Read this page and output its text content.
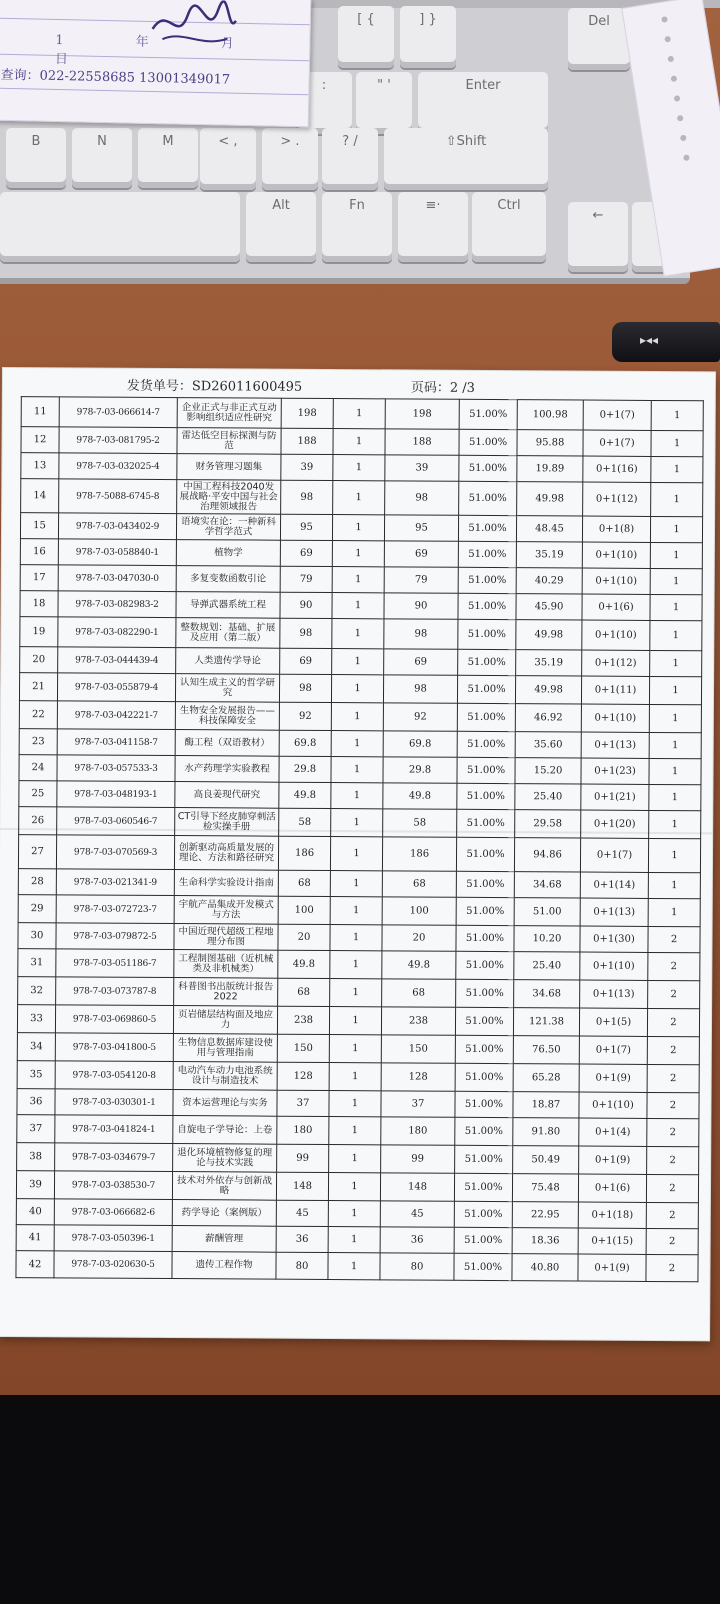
[ {	] }	Del
:	" '	Enter
B	N	M	< ,	> .	? /	⇧Shift
Alt	Fn	≡·	Ctrl
←
1 年 月 日
查询：022-22558685 13001349017
▸◂◂
发货单号：SD26011600495	页码：2 /3
11	978-7-03-066614-7	企业正式与非正式互动影响组织适应性研究	198	1	198	51.00%	100.98	0+1(7)	1
12	978-7-03-081795-2	雷达低空目标探测与防范	188	1	188	51.00%	95.88	0+1(7)	1
13	978-7-03-032025-4	财务管理习题集	39	1	39	51.00%	19.89	0+1(16)	1
14	978-7-5088-6745-8	中国工程科技2040发展战略·平安中国与社会治理领域报告	98	1	98	51.00%	49.98	0+1(12)	1
15	978-7-03-043402-9	语境实在论：一种新科学哲学范式	95	1	95	51.00%	48.45	0+1(8)	1
16	978-7-03-058840-1	植物学	69	1	69	51.00%	35.19	0+1(10)	1
17	978-7-03-047030-0	多复变数函数引论	79	1	79	51.00%	40.29	0+1(10)	1
18	978-7-03-082983-2	导弹武器系统工程	90	1	90	51.00%	45.90	0+1(6)	1
19	978-7-03-082290-1	整数规划：基础、扩展及应用（第二版）	98	1	98	51.00%	49.98	0+1(10)	1
20	978-7-03-044439-4	人类遗传学导论	69	1	69	51.00%	35.19	0+1(12)	1
21	978-7-03-055879-4	认知生成主义的哲学研究	98	1	98	51.00%	49.98	0+1(11)	1
22	978-7-03-042221-7	生物安全发展报告——科技保障安全	92	1	92	51.00%	46.92	0+1(10)	1
23	978-7-03-041158-7	酶工程（双语教材）	69.8	1	69.8	51.00%	35.60	0+1(13)	1
24	978-7-03-057533-3	水产药理学实验教程	29.8	1	29.8	51.00%	15.20	0+1(23)	1
25	978-7-03-048193-1	高良姜现代研究	49.8	1	49.8	51.00%	25.40	0+1(21)	1
26	978-7-03-060546-7	CT引导下经皮肺穿刺活检实操手册	58	1	58	51.00%	29.58	0+1(20)	1
27	978-7-03-070569-3	创新驱动高质量发展的理论、方法和路径研究	186	1	186	51.00%	94.86	0+1(7)	1
28	978-7-03-021341-9	生命科学实验设计指南	68	1	68	51.00%	34.68	0+1(14)	1
29	978-7-03-072723-7	宇航产品集成开发模式与方法	100	1	100	51.00%	51.00	0+1(13)	1
30	978-7-03-079872-5	中国近现代超级工程地理分布图	20	1	20	51.00%	10.20	0+1(30)	2
31	978-7-03-051186-7	工程制图基础（近机械类及非机械类）	49.8	1	49.8	51.00%	25.40	0+1(10)	2
32	978-7-03-073787-8	科普图书出版统计报告2022	68	1	68	51.00%	34.68	0+1(13)	2
33	978-7-03-069860-5	页岩储层结构面及地应力	238	1	238	51.00%	121.38	0+1(5)	2
34	978-7-03-041800-5	生物信息数据库建设使用与管理指南	150	1	150	51.00%	76.50	0+1(7)	2
35	978-7-03-054120-8	电动汽车动力电池系统设计与制造技术	128	1	128	51.00%	65.28	0+1(9)	2
36	978-7-03-030301-1	资本运营理论与实务	37	1	37	51.00%	18.87	0+1(10)	2
37	978-7-03-041824-1	自旋电子学导论：上卷	180	1	180	51.00%	91.80	0+1(4)	2
38	978-7-03-034679-7	退化环境植物修复的理论与技术实践	99	1	99	51.00%	50.49	0+1(9)	2
39	978-7-03-038530-7	技术对外依存与创新战略	148	1	148	51.00%	75.48	0+1(6)	2
40	978-7-03-066682-6	药学导论（案例版）	45	1	45	51.00%	22.95	0+1(18)	2
41	978-7-03-050396-1	薪酬管理	36	1	36	51.00%	18.36	0+1(15)	2
42	978-7-03-020630-5	遗传工程作物	80	1	80	51.00%	40.80	0+1(9)	2
